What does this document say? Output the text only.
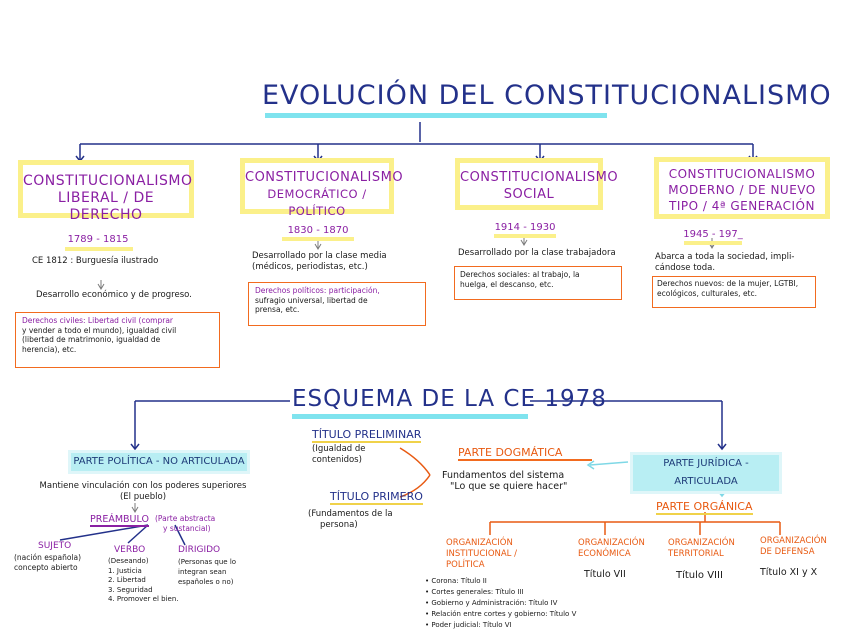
EVOLUCIÓN DEL CONSTITUCIONALISMO
CONSTITUCIONALISMO
LIBERAL / DE DERECHO
1789 - 1815
CE 1812 : Burguesía ilustrado
Desarrollo económico y de progreso.
Derechos civiles: Libertad civil (comprar
y vender a todo el mundo), igualdad civil
(libertad de matrimonio, igualdad de
herencia), etc.
CONSTITUCIONALISMO
DEMOCRÁTICO / POLÍTICO
1830 - 1870
Desarrollado por la clase media
(médicos, periodistas, etc.)
Derechos políticos: participación,
sufragio universal, libertad de
prensa, etc.
CONSTITUCIONALISMO
SOCIAL
1914 - 1930
Desarrollado por la clase trabajadora
Derechos sociales: al trabajo, la
huelga, el descanso, etc.
CONSTITUCIONALISMO
MODERNO / DE NUEVO
TIPO / 4ª GENERACIÓN
1945 - 197_
Abarca a toda la sociedad, impli-
cándose toda.
Derechos nuevos: de la mujer, LGTBI,
ecológicos, culturales, etc.
ESQUEMA DE LA CE 1978
PARTE POLÍTICA - NO ARTICULADA
Mantiene vinculación con los poderes superiores
(El pueblo)
PREÁMBULO (Parte abstracta
y sustancial)
SUJETO
(nación española)
concepto abierto
VERBO
(Deseando)
1. Justicia
2. Libertad
3. Seguridad
4. Promover el bien.
DIRIGIDO
(Personas que lo
integran sean
españoles o no)
TÍTULO PRELIMINAR
(Igualdad de
contenidos)
TÍTULO PRIMERO
(Fundamentos de la
persona)
PARTE DOGMÁTICA
Fundamentos del sistema
"Lo que se quiere hacer"
PARTE JURÍDICA - ARTICULADA
PARTE ORGÁNICA
ORGANIZACIÓN
INSTITUCIONAL /
POLÍTICA
• Corona: Título II
• Cortes generales: Título III
• Gobierno y Administración: Título IV
• Relación entre cortes y gobierno: Título V
• Poder judicial: Título VI
ORGANIZACIÓN
ECONÓMICA
Título VII
ORGANIZACIÓN
TERRITORIAL
Título VIII
ORGANIZACIÓN
DE DEFENSA
Título XI y X
